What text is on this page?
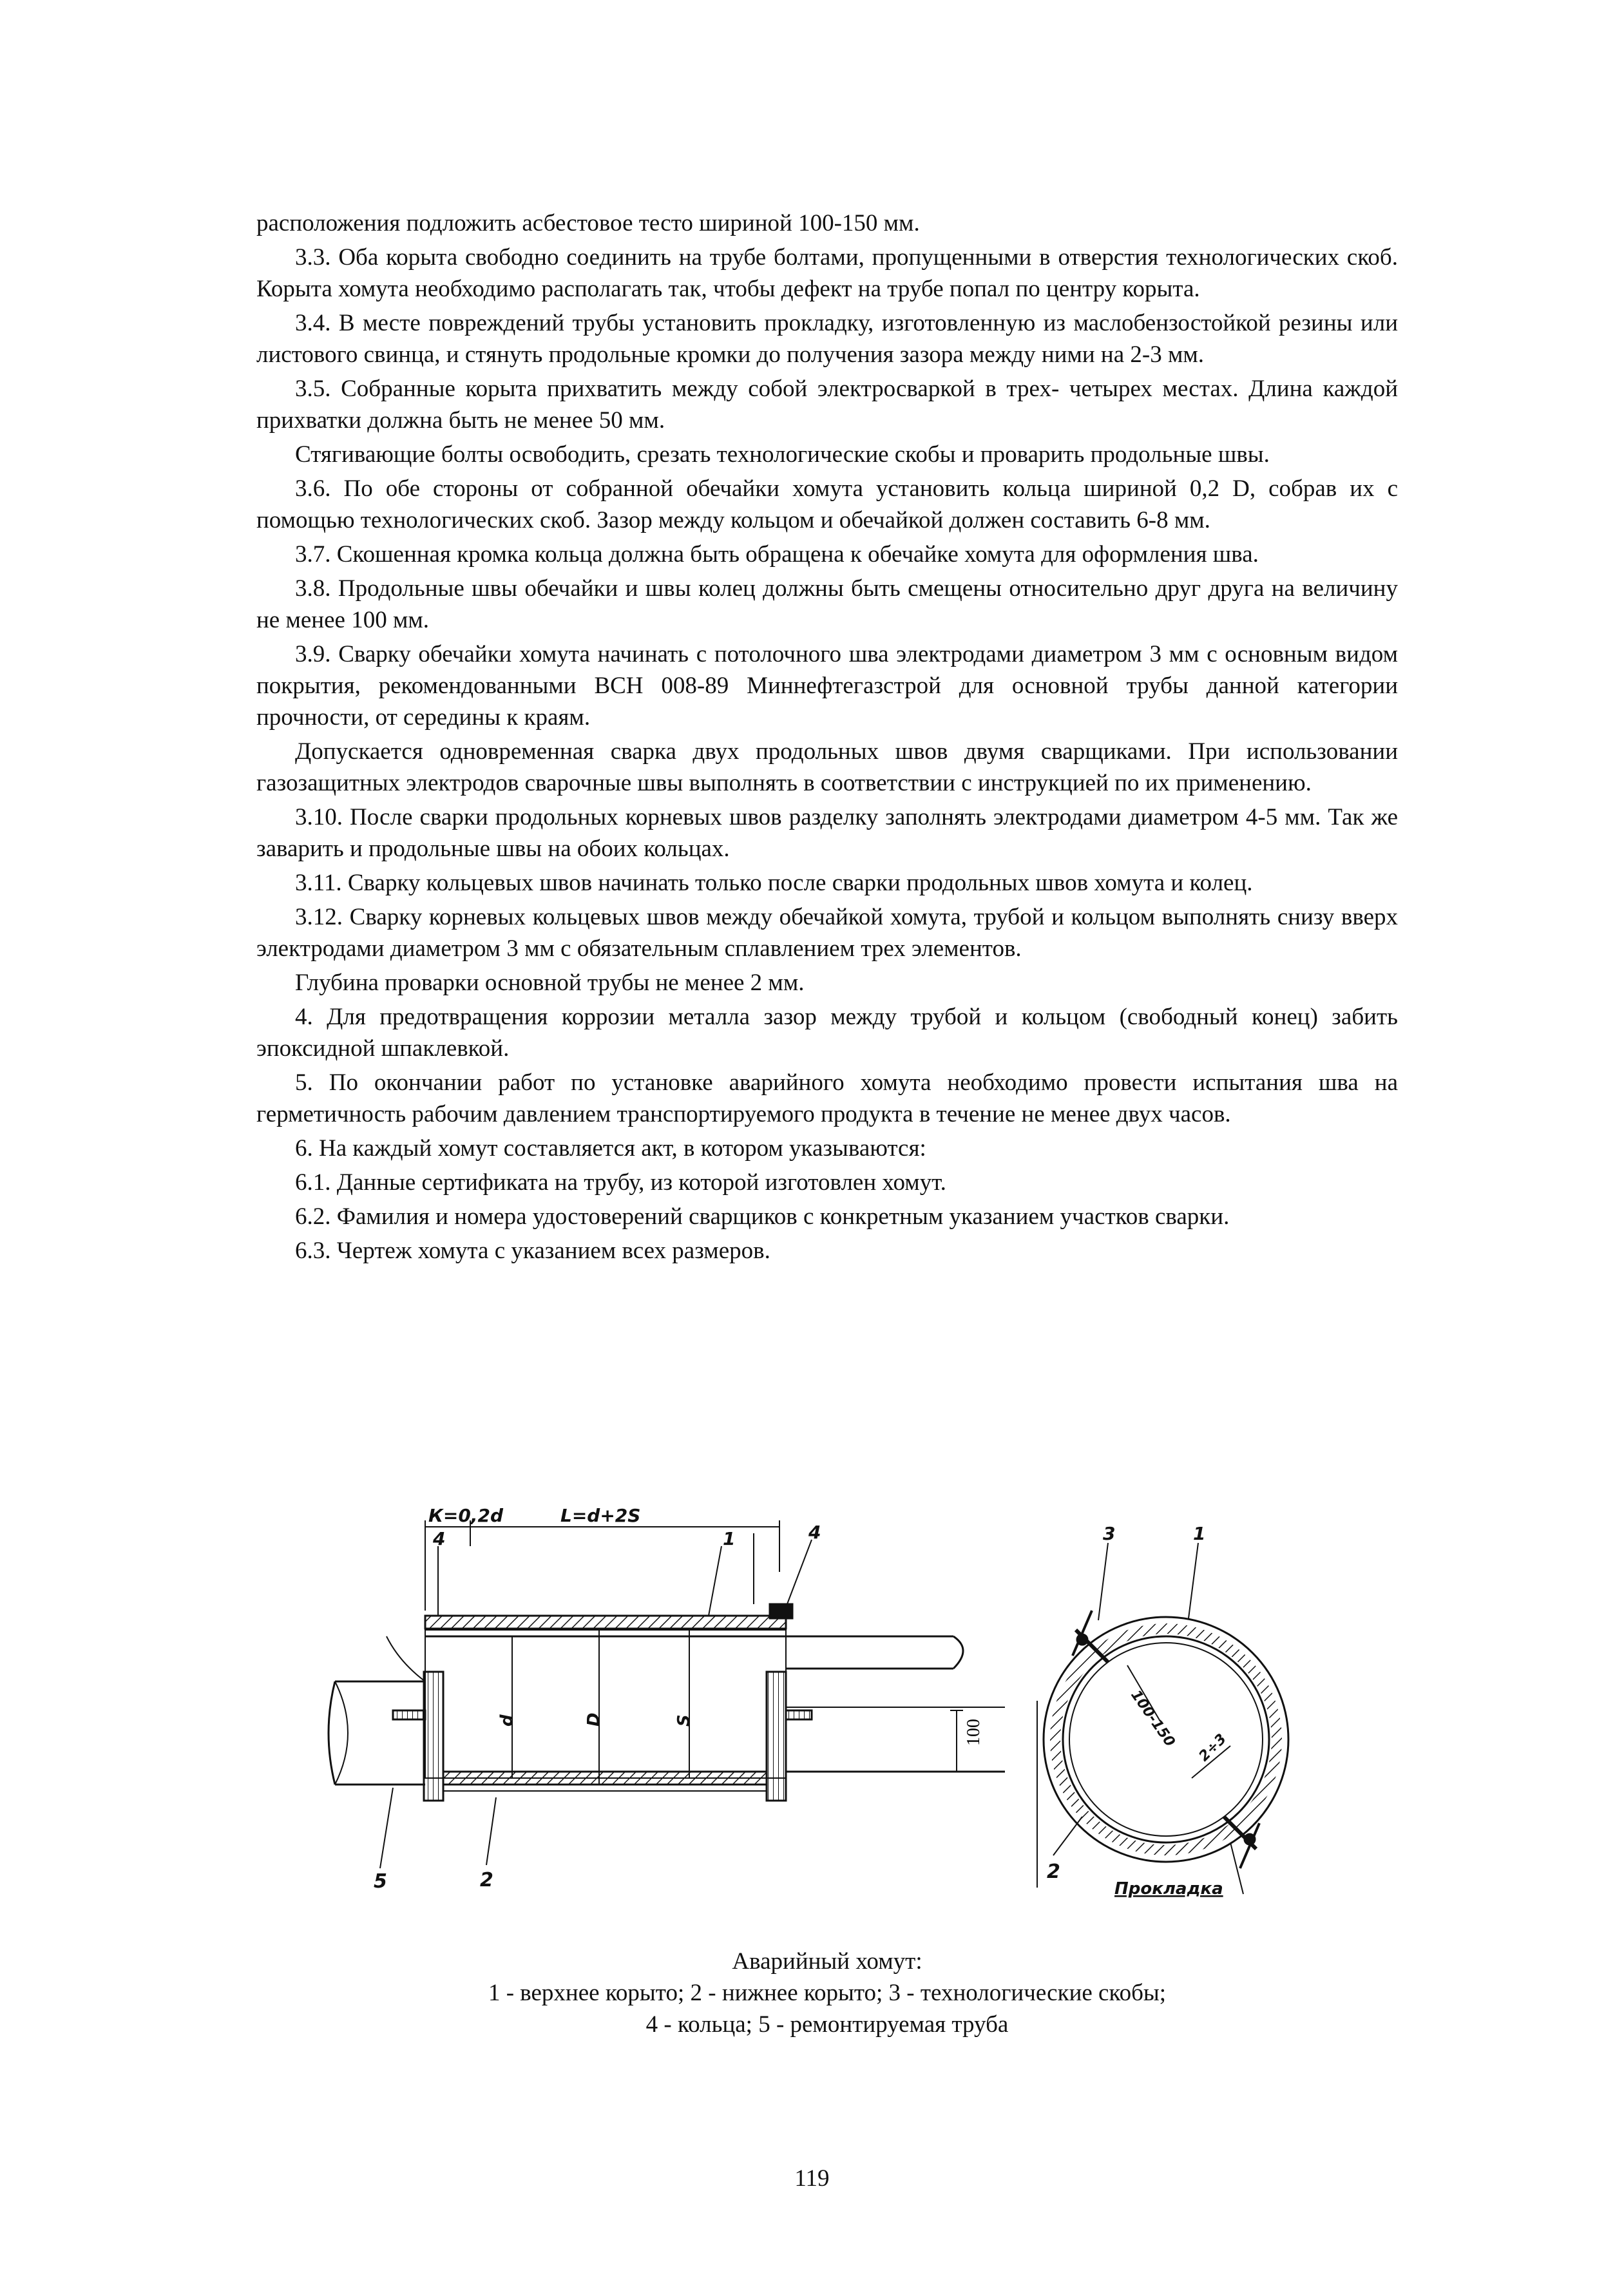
расположения подложить асбестовое тесто шириной 100-150 мм.

3.3. Оба корыта свободно соединить на трубе болтами, пропущенными в отверстия технологических скоб. Корыта хомута необходимо располагать так, чтобы дефект на трубе попал по центру корыта.

3.4. В месте повреждений трубы установить прокладку, изготовленную из маслобензостойкой резины или листового свинца, и стянуть продольные кромки до получения зазора между ними на 2-3 мм.

3.5. Собранные корыта прихватить между собой электросваркой в трех- четырех местах. Длина каждой прихватки должна быть не менее 50 мм.

Стягивающие болты освободить, срезать технологические скобы и проварить продольные швы.

3.6. По обе стороны от собранной обечайки хомута установить кольца шириной 0,2 D, собрав их с помощью технологических скоб. Зазор между кольцом и обечайкой должен составить 6-8 мм.

3.7. Скошенная кромка кольца должна быть обращена к обечайке хомута для оформления шва.

3.8. Продольные швы обечайки и швы колец должны быть смещены относительно друг друга на величину не менее 100 мм.

3.9. Сварку обечайки хомута начинать с потолочного шва электродами диаметром 3 мм с основным видом покрытия, рекомендованными ВСН 008-89 Миннефтегазстрой для основной трубы данной категории прочности, от середины к краям.

Допускается одновременная сварка двух продольных швов двумя сварщиками. При использовании газозащитных электродов сварочные швы выполнять в соответствии с инструкцией по их применению.

3.10. После сварки продольных корневых швов разделку заполнять электродами диаметром 4-5 мм. Так же заварить и продольные швы на обоих кольцах.

3.11. Сварку кольцевых швов начинать только после сварки продольных швов хомута и колец.

3.12. Сварку корневых кольцевых швов между обечайкой хомута, трубой и кольцом выполнять снизу вверх электродами диаметром 3 мм с обязательным сплавлением трех элементов.

Глубина проварки основной трубы не менее 2 мм.

4. Для предотвращения коррозии металла зазор между трубой и кольцом (свободный конец) забить эпоксидной шпаклевкой.

5. По окончании работ по установке аварийного хомута необходимо провести испытания шва на герметичность рабочим давлением транспортируемого продукта в течение не менее двух часов.

6. На каждый хомут составляется акт, в котором указываются:

6.1. Данные сертификата на трубу, из которой изготовлен хомут.

6.2. Фамилия и номера удостоверений сварщиков с конкретным указанием участков сварки.

6.3. Чертеж хомута с указанием всех размеров.

К=0,2d	L=d+2S
4	1	4
d	D	S	100
5	2
3	1
2
100-150 2÷3
Прокладка
Аварийный хомут:
1 - верхнее корыто; 2 - нижнее корыто; 3 - технологические скобы;
4 - кольца; 5 - ремонтируемая труба
119
